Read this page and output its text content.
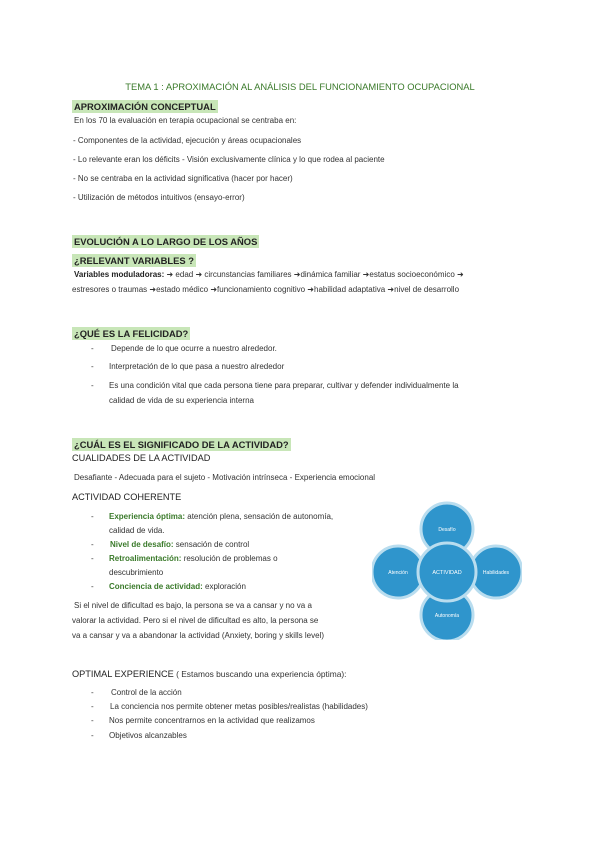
TEMA 1 : APROXIMACIÓN AL ANÁLISIS DEL FUNCIONAMIENTO OCUPACIONAL

APROXIMACIÓN CONCEPTUAL

En los 70 la evaluación en terapia ocupacional se centraba en:

- Componentes de la actividad, ejecución y áreas ocupacionales

- Lo relevante eran los déficits - Visión exclusivamente clínica y lo que rodea al paciente

- No se centraba en la actividad significativa (hacer por hacer)

- Utilización de métodos intuitivos (ensayo-error)

EVOLUCIÓN A LO LARGO DE LOS AÑOS

¿RELEVANT VARIABLES ?

Variables moduladoras: ➜ edad ➜ circunstancias familiares ➜dinámica familiar ➜estatus socioeconómico ➜

estresores o traumas ➜estado médico ➜funcionamiento cognitivo ➜habilidad adaptativa ➜nivel de desarrollo

¿QUÉ ES LA FELICIDAD?

- Depende de lo que ocurre a nuestro alrededor.

- Interpretación de lo que pasa a nuestro alrededor

- Es una condición vital que cada persona tiene para preparar, cultivar y defender individualmente la

calidad de vida de su experiencia interna

¿CUÁL ES EL SIGNIFICADO DE LA ACTIVIDAD?

CUALIDADES DE LA ACTIVIDAD

Desafiante - Adecuada para el sujeto - Motivación intrínseca - Experiencia emocional

ACTIVIDAD COHERENTE

- Experiencia óptima: atención plena, sensación de autonomía,

calidad de vida.

- Nivel de desafío: sensación de control

- Retroalimentación: resolución de problemas o

descubrimiento

- Conciencia de actividad: exploración

Si el nivel de dificultad es bajo, la persona se va a cansar y no va a

valorar la actividad. Pero si el nivel de dificultad es alto, la persona se

va a cansar y va a abandonar la actividad (Anxiety, boring y skills level)

Desafío
Atención	Habilidades
Autonomía
ACTIVIDAD

OPTIMAL EXPERIENCE ( Estamos buscando una experiencia óptima):

- Control de la acción

- La conciencia nos permite obtener metas posibles/realistas (habilidades)

- Nos permite concentrarnos en la actividad que realizamos

- Objetivos alcanzables
